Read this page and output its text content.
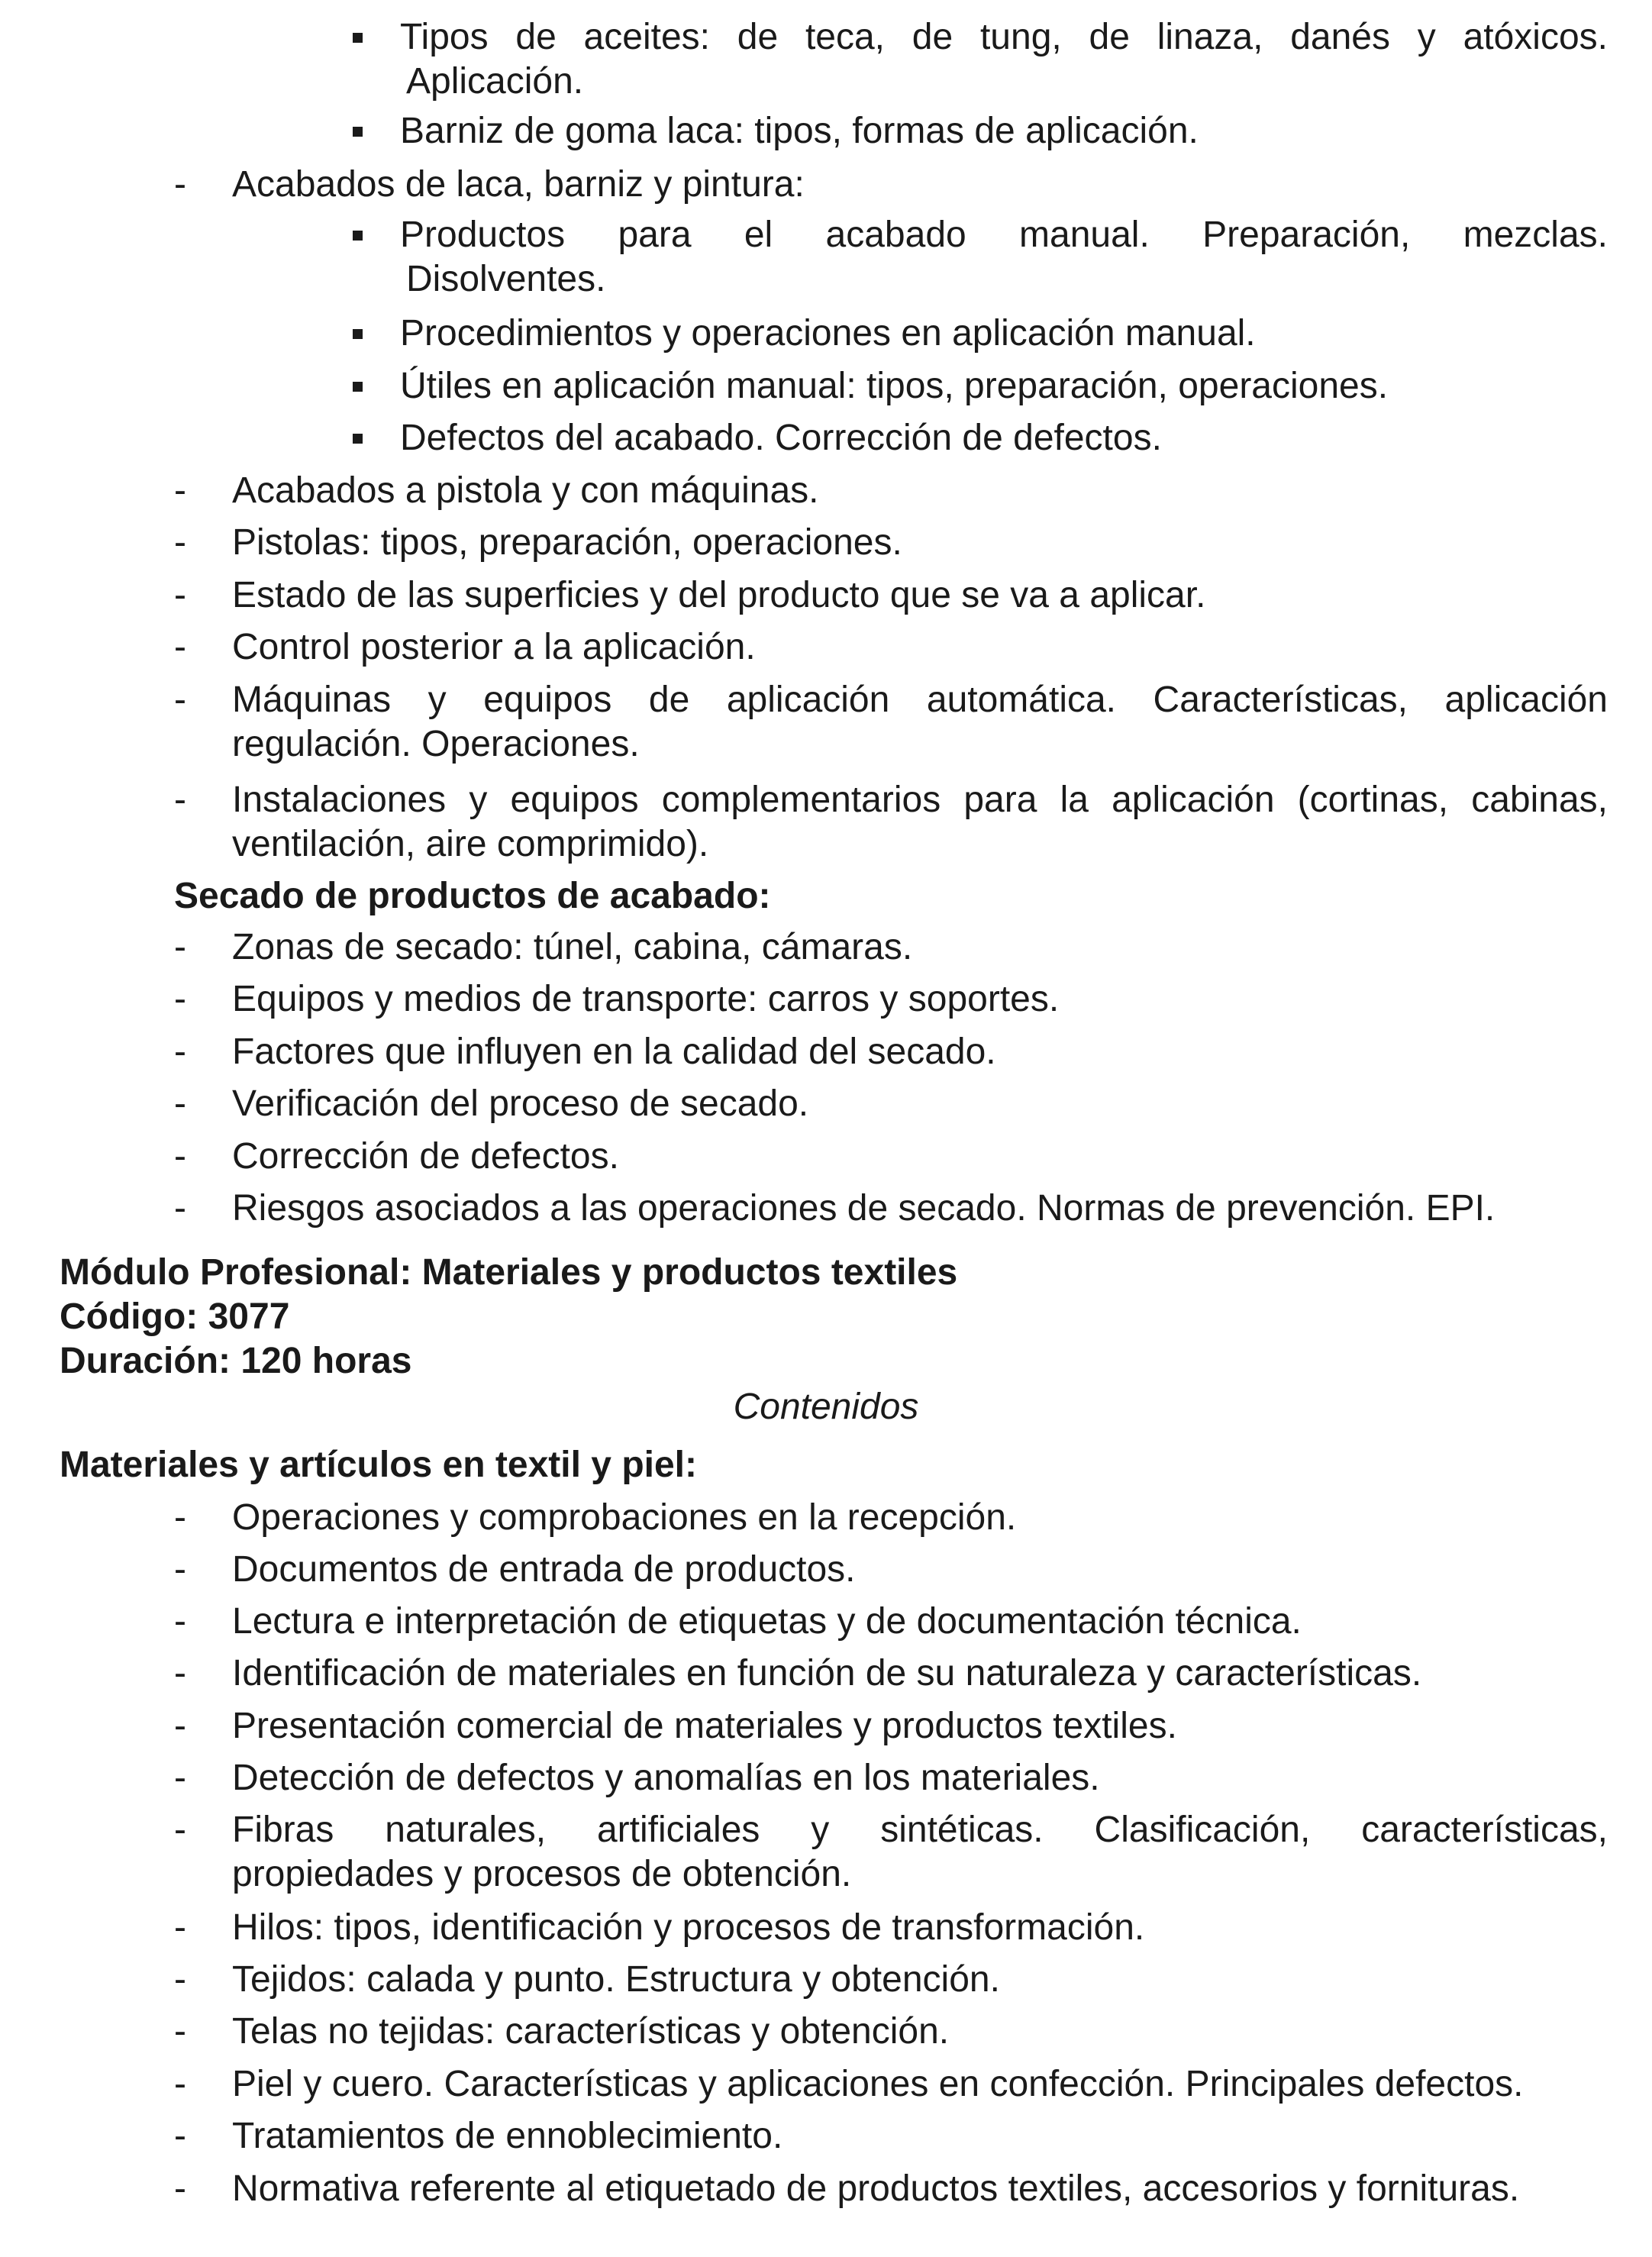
Tipos de aceites: de teca, de tung, de linaza, danés y atóxicos.
Aplicación.
Barniz de goma laca: tipos, formas de aplicación.
- Acabados de laca, barniz y pintura:
Productos para el acabado manual. Preparación, mezclas.
Disolventes.
Procedimientos y operaciones en aplicación manual.
Útiles en aplicación manual: tipos, preparación, operaciones.
Defectos del acabado. Corrección de defectos.
- Acabados a pistola y con máquinas.
- Pistolas: tipos, preparación, operaciones.
- Estado de las superficies y del producto que se va a aplicar.
- Control posterior a la aplicación.
- Máquinas y equipos de aplicación automática. Características, aplicación
regulación. Operaciones.
- Instalaciones y equipos complementarios para la aplicación (cortinas, cabinas,
ventilación, aire comprimido).
Secado de productos de acabado:
- Zonas de secado: túnel, cabina, cámaras.
- Equipos y medios de transporte: carros y soportes.
- Factores que influyen en la calidad del secado.
- Verificación del proceso de secado.
- Corrección de defectos.
- Riesgos asociados a las operaciones de secado. Normas de prevención. EPI.
Módulo Profesional: Materiales y productos textiles
Código: 3077
Duración: 120 horas
Contenidos
Materiales y artículos en textil y piel:
- Operaciones y comprobaciones en la recepción.
- Documentos de entrada de productos.
- Lectura e interpretación de etiquetas y de documentación técnica.
- Identificación de materiales en función de su naturaleza y características.
- Presentación comercial de materiales y productos textiles.
- Detección de defectos y anomalías en los materiales.
- Fibras naturales, artificiales y sintéticas. Clasificación, características,
propiedades y procesos de obtención.
- Hilos: tipos, identificación y procesos de transformación.
- Tejidos: calada y punto. Estructura y obtención.
- Telas no tejidas: características y obtención.
- Piel y cuero. Características y aplicaciones en confección. Principales defectos.
- Tratamientos de ennoblecimiento.
- Normativa referente al etiquetado de productos textiles, accesorios y fornituras.
